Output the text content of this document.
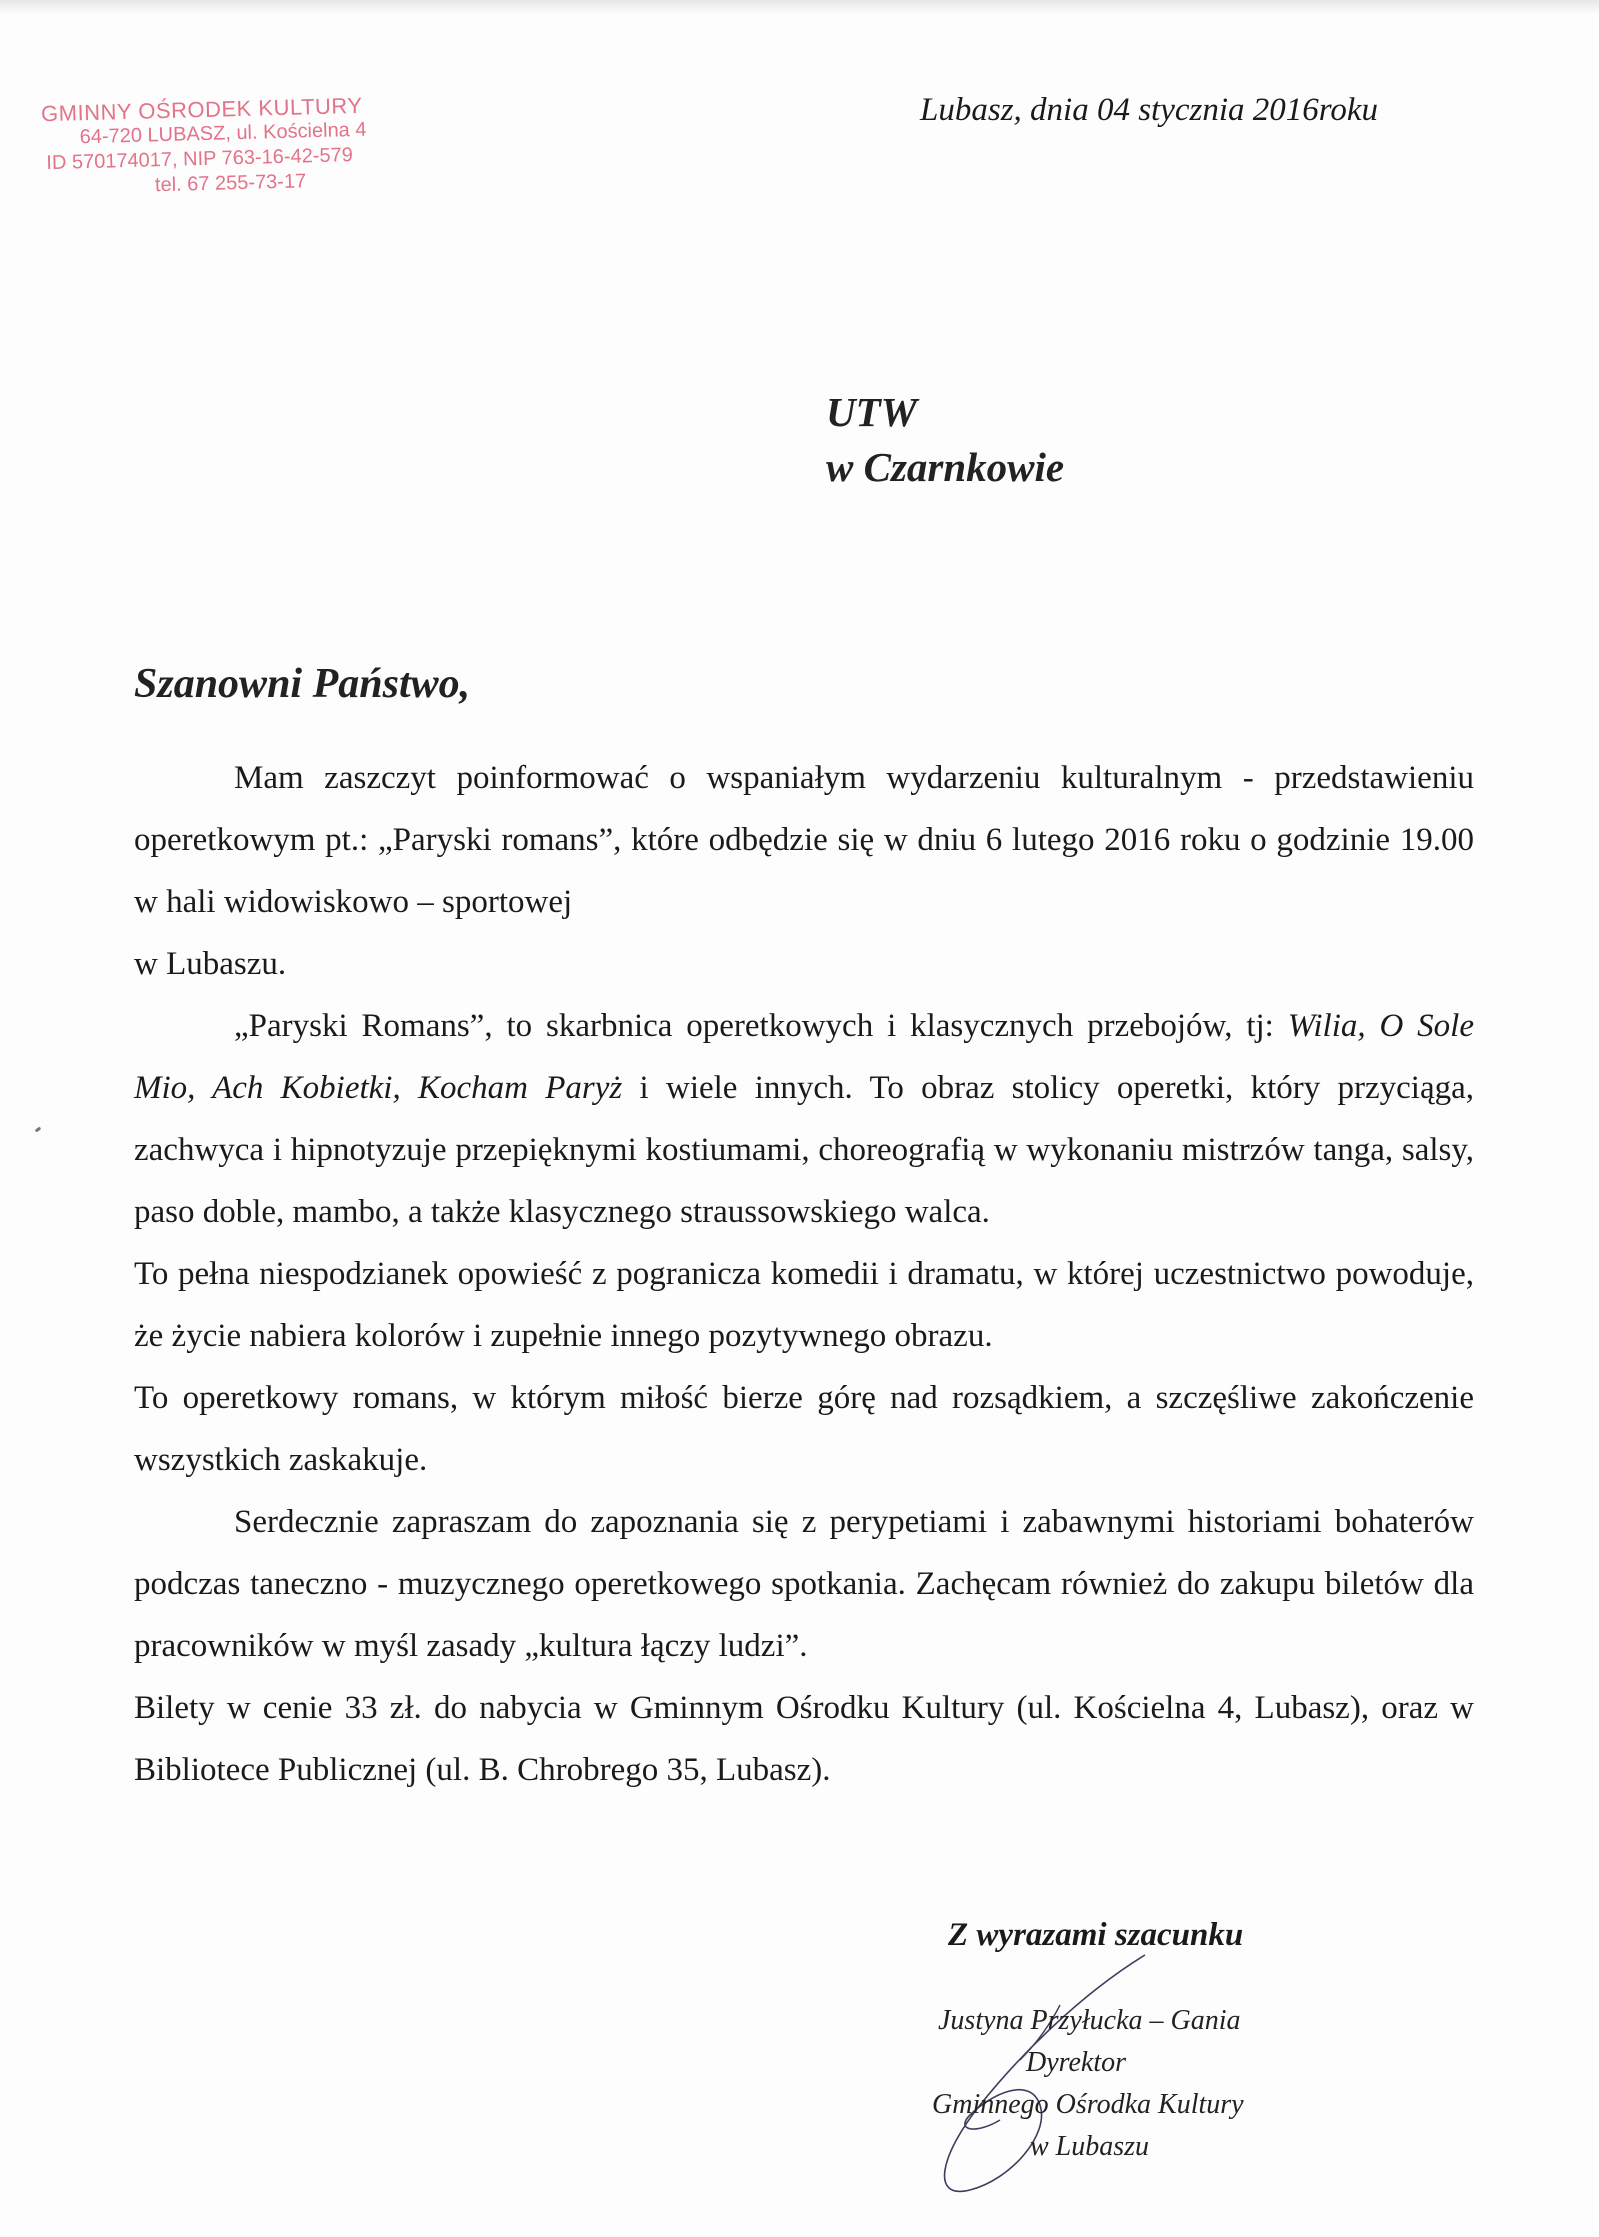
GMINNY OŚRODEK KULTURY
64-720 LUBASZ, ul. Kościelna 4
ID 570174017, NIP 763-16-42-579
tel. 67 255-73-17
Lubasz, dnia 04 stycznia 2016roku
UTW
w Czarnkowie
Szanowni Państwo,

Mam zaszczyt poinformować o wspaniałym wydarzeniu kulturalnym - przedstawieniu operetkowym pt.: „Paryski romans”, które odbędzie się w dniu 6 lutego 2016 roku o godzinie 19.00 w hali widowiskowo – sportowej

w Lubaszu.

„Paryski Romans”, to skarbnica operetkowych i klasycznych przebojów, tj: Wilia, O Sole Mio, Ach Kobietki, Kocham Paryż i wiele innych. To obraz stolicy operetki, który przyciąga, zachwyca i hipnotyzuje przepięknymi kostiumami, choreografią w wykonaniu mistrzów tanga, salsy, paso doble, mambo, a także klasycznego straussowskiego walca.

To pełna niespodzianek opowieść z pogranicza komedii i dramatu, w której uczestnictwo powoduje, że życie nabiera kolorów i zupełnie innego pozytywnego obrazu.

To operetkowy romans, w którym miłość bierze górę nad rozsądkiem, a szczęśliwe zakończenie wszystkich zaskakuje.

Serdecznie zapraszam do zapoznania się z perypetiami i zabawnymi historiami bohaterów podczas taneczno - muzycznego operetkowego spotkania. Zachęcam również do zakupu biletów dla pracowników w myśl zasady „kultura łączy ludzi”.

Bilety w cenie 33 zł. do nabycia w Gminnym Ośrodku Kultury (ul. Kościelna 4, Lubasz), oraz w Bibliotece Publicznej (ul. B. Chrobrego 35, Lubasz).

Z wyrazami szacunku
Justyna Przyłucka – Gania
Dyrektor
Gminnego Ośrodka Kultury
w Lubaszu
